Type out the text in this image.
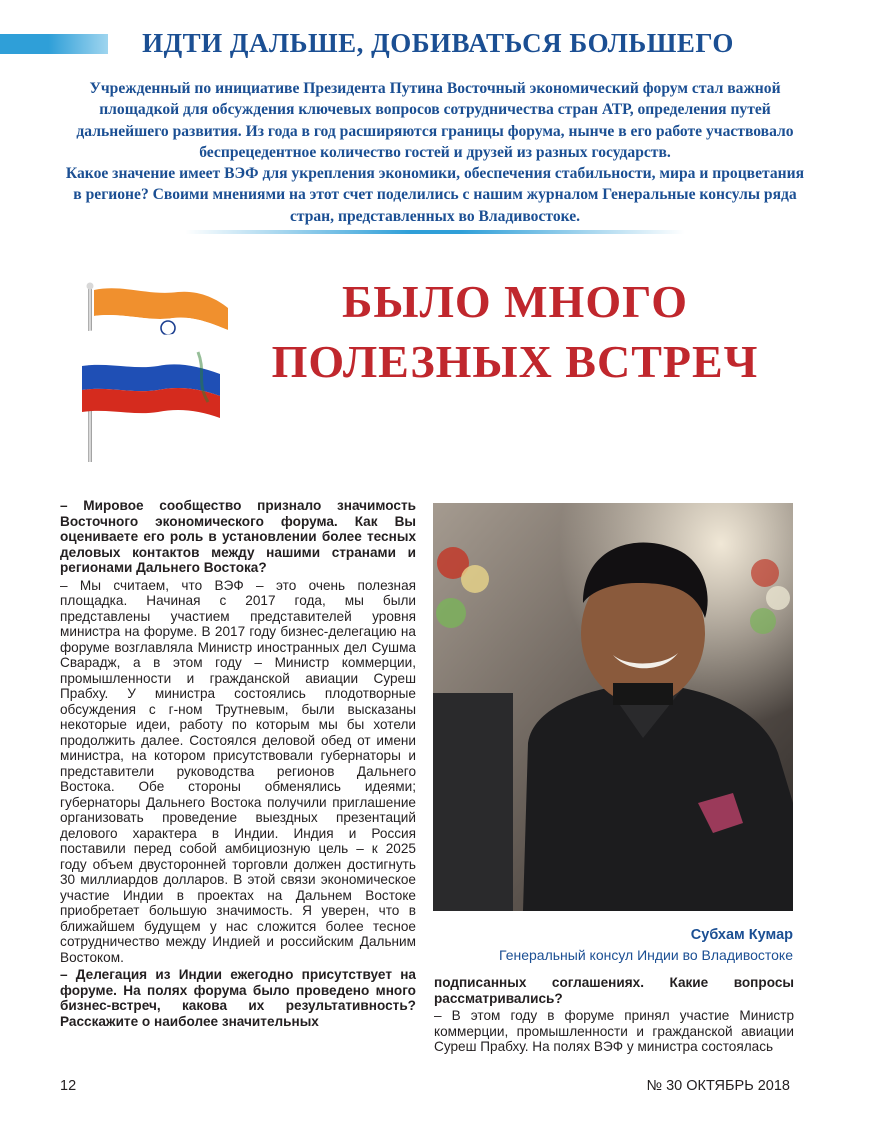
ИДТИ ДАЛЬШЕ, ДОБИВАТЬСЯ БОЛЬШЕГО

Учрежденный по инициативе Президента Путина Восточный экономический форум стал важной площадкой для обсуждения ключевых вопросов сотрудничества стран АТР, определения путей дальнейшего развития. Из года в год расширяются границы форума, нынче в его работе участвовало беспрецедентное количество гостей и друзей из разных государств.

Какое значение имеет ВЭФ для укрепления экономики, обеспечения стабильности, мира и процветания в регионе? Своими мнениями на этот счет поделились с нашим журналом Генеральные консулы ряда стран, представленных во Владивостоке.

БЫЛО МНОГО
ПОЛЕЗНЫХ ВСТРЕЧ

– Мировое сообщество признало значимость Восточного экономического форума. Как Вы оцениваете его роль в установлении более тесных деловых контактов между нашими странами и регионами Дальнего Востока?

– Мы считаем, что ВЭФ – это очень полезная площадка. Начиная с 2017 года, мы были представлены участием представителей уровня министра на форуме. В 2017 году бизнес-делегацию на форуме возглавляла Министр иностранных дел Сушма Сварадж, а в этом году – Министр коммерции, промышленности и гражданской авиации Суреш Прабху. У министра состоялись плодотворные обсуждения с г-ном Трутневым, были высказаны некоторые идеи, работу по которым мы бы хотели продолжить далее. Состоялся деловой обед от имени министра, на котором присутствовали губернаторы и представители руководства регионов Дальнего Востока. Обе стороны обменялись идеями; губернаторы Дальнего Востока получили приглашение организовать проведение выездных презентаций делового характера в Индии. Индия и Россия поставили перед собой амбициозную цель – к 2025 году объем двусторонней торговли должен достигнуть 30 миллиардов долларов. В этой связи экономическое участие Индии в проектах на Дальнем Востоке приобретает большую значимость. Я уверен, что в ближайшем будущем у нас сложится более тесное сотрудничество между Индией и российским Дальним Востоком.

– Делегация из Индии ежегодно присутствует на форуме. На полях форума было проведено много бизнес-встреч, какова их результативность? Расскажите о наиболее значительных

Субхам Кумар
Генеральный консул Индии во Владивостоке

подписанных соглашениях. Какие вопросы рассматривались?

– В этом году в форуме принял участие Министр коммерции, промышленности и гражданской авиации Суреш Прабху. На полях ВЭФ у министра состоялась

12	№ 30 ОКТЯБРЬ 2018
